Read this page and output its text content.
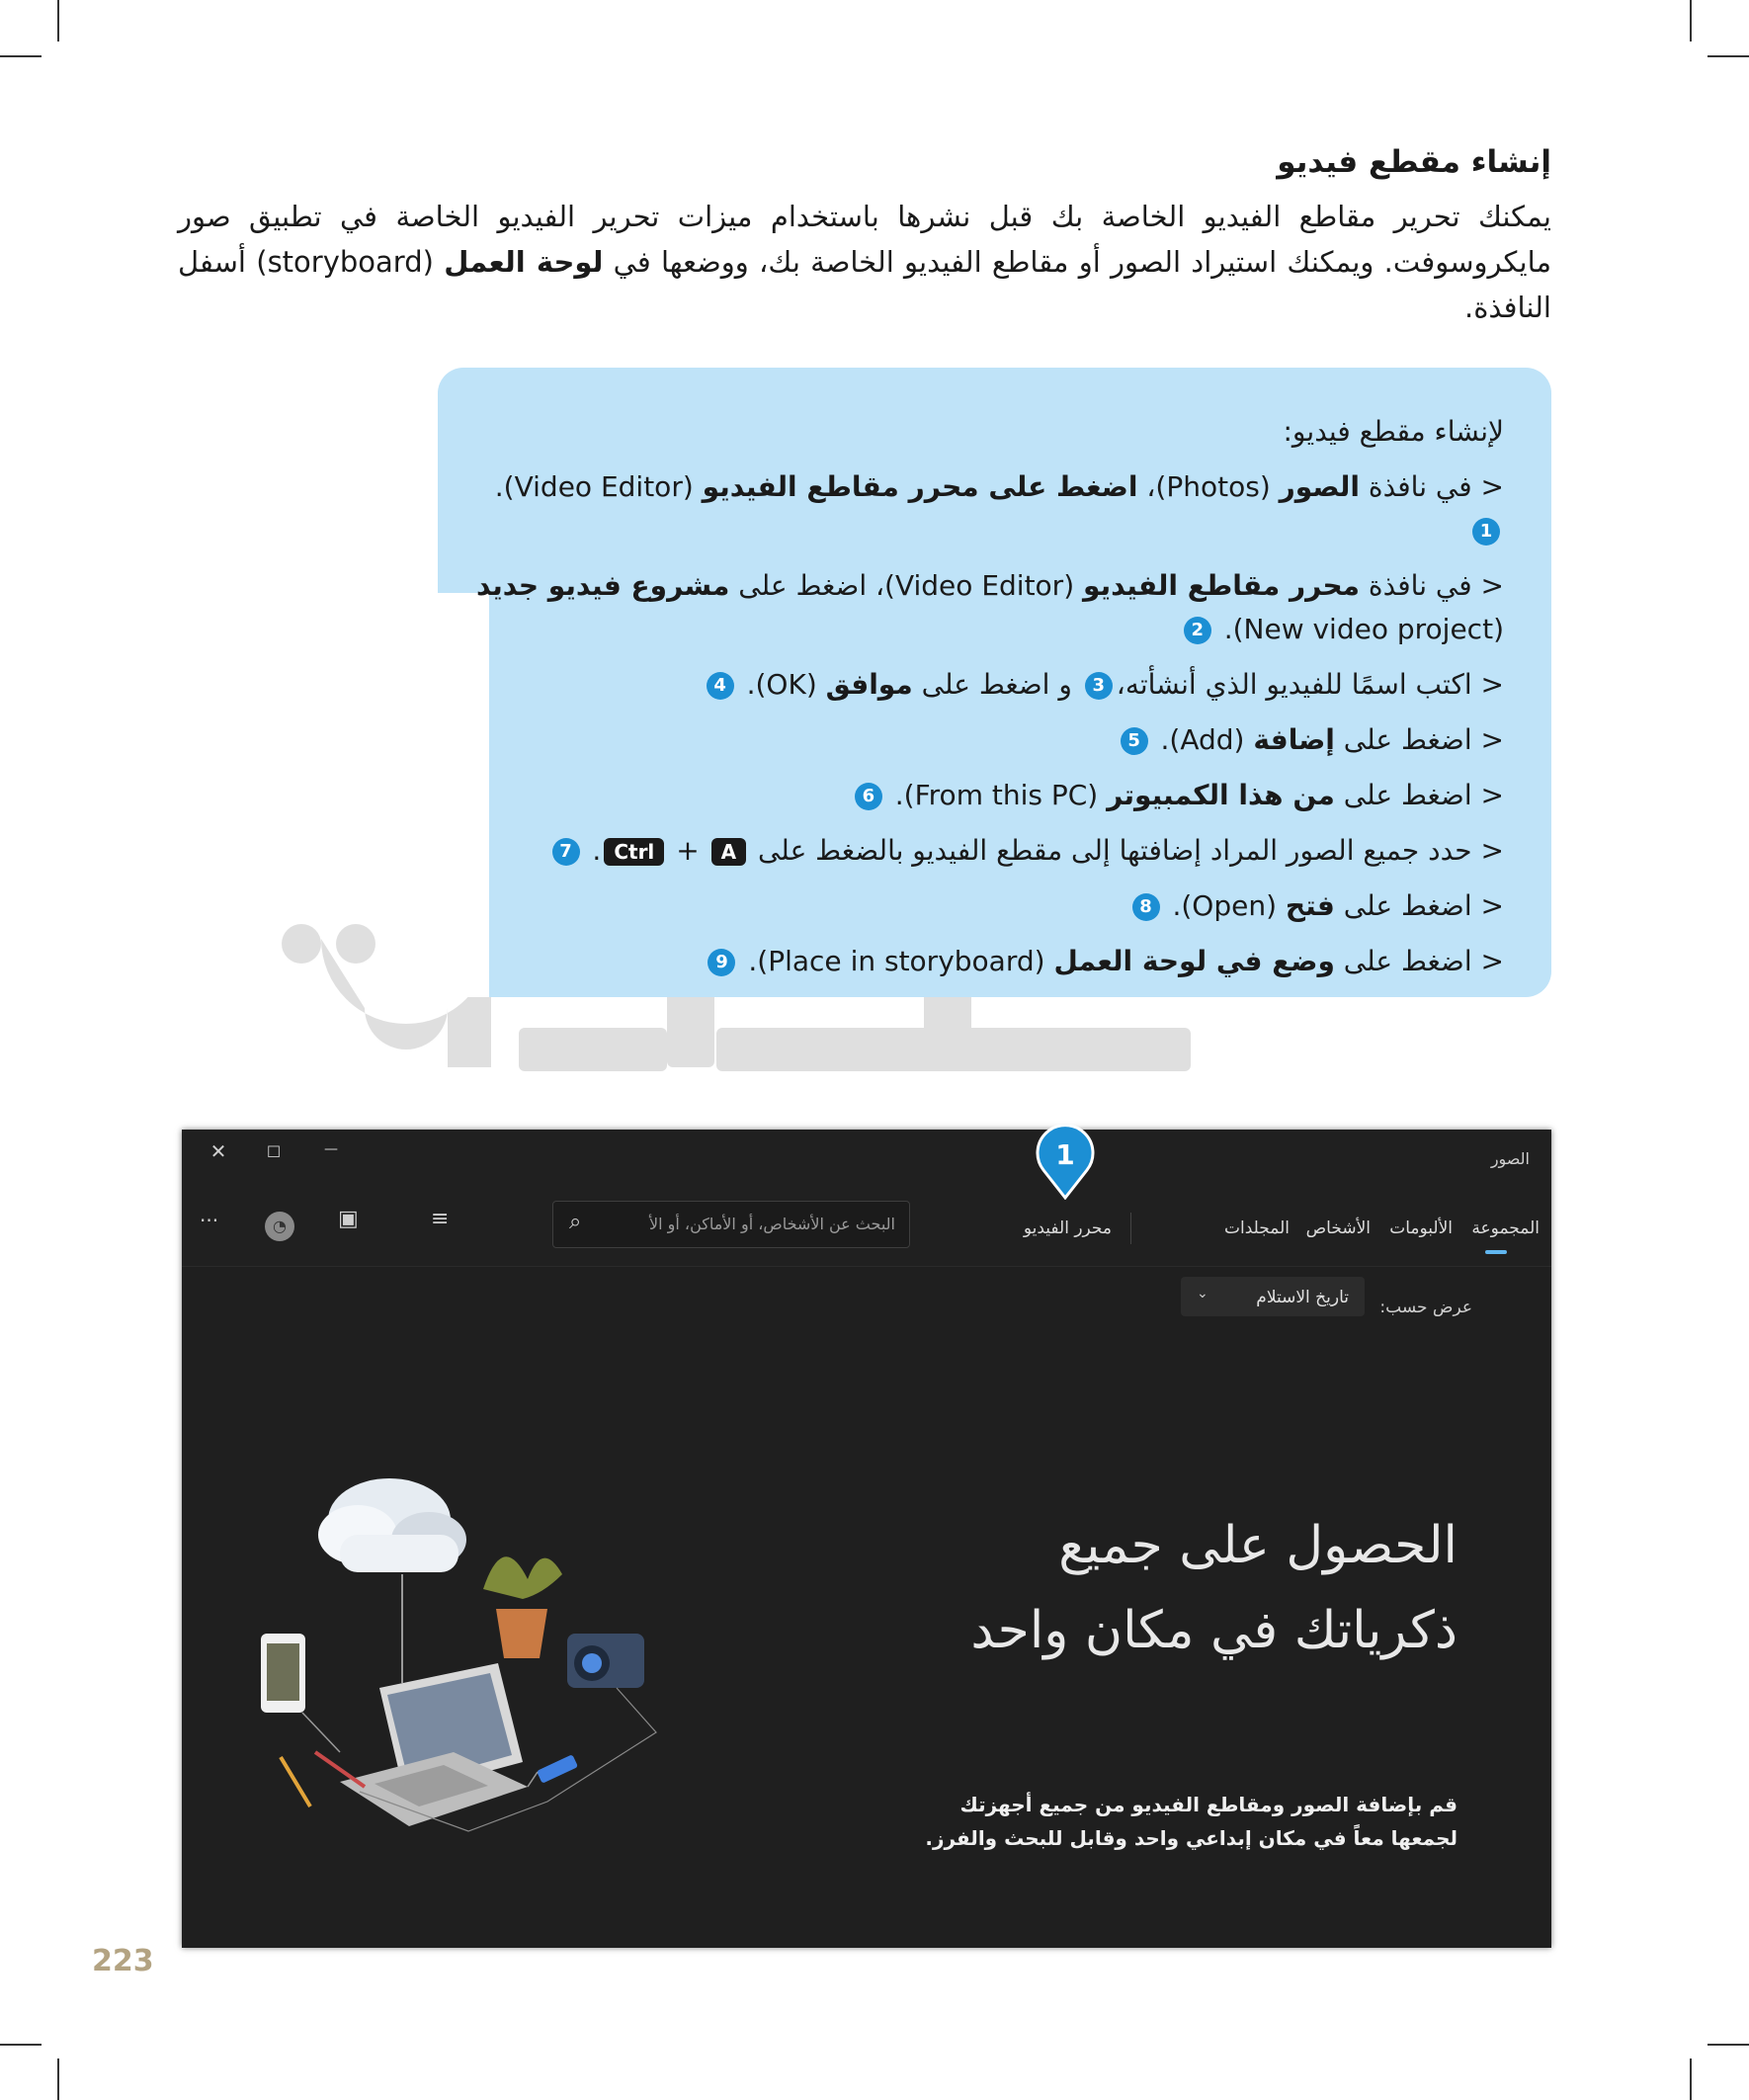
إنشاء مقطع فيديو
يمكنك تحرير مقاطع الفيديو الخاصة بك قبل نشرها باستخدام ميزات تحرير الفيديو الخاصة في تطبيق صور مايكروسوفت. ويمكنك استيراد الصور أو مقاطع الفيديو الخاصة بك، ووضعها في لوحة العمل (storyboard) أسفل النافذة.
لإنشاء مقطع فيديو:
< في نافذة الصور (Photos)، اضغط على محرر مقاطع الفيديو (Video Editor). 1
< في نافذة محرر مقاطع الفيديو (Video Editor)، اضغط على مشروع فيديو جديد (New video project). 2
< اكتب اسمًا للفيديو الذي أنشأته،3 و اضغط على موافق (OK). 4
< اضغط على إضافة (Add). 5
< اضغط على من هذا الكمبيوتر (From this PC). 6
< حدد جميع الصور المراد إضافتها إلى مقطع الفيديو بالضغط على A + Ctrl. 7
< اضغط على فتح (Open). 8
< اضغط على وضع في لوحة العمل (Place in storyboard). 9
الصور
✕	☐	—
المجموعة
الألبومات
الأشخاص
المجلدات
محرر الفيديو
البحث عن الأشخاص، أو الأماكن، أو الأ
⌕
≡
▣
◔
···
عرض حسب:
تاريخ الاستلام
⌄
الحصول على جميع ذكرياتك في مكان واحد
قم بإضافة الصور ومقاطع الفيديو من جميع أجهزتك لجمعها معاً في مكان إبداعي واحد وقابل للبحث والفرز.
1
223
